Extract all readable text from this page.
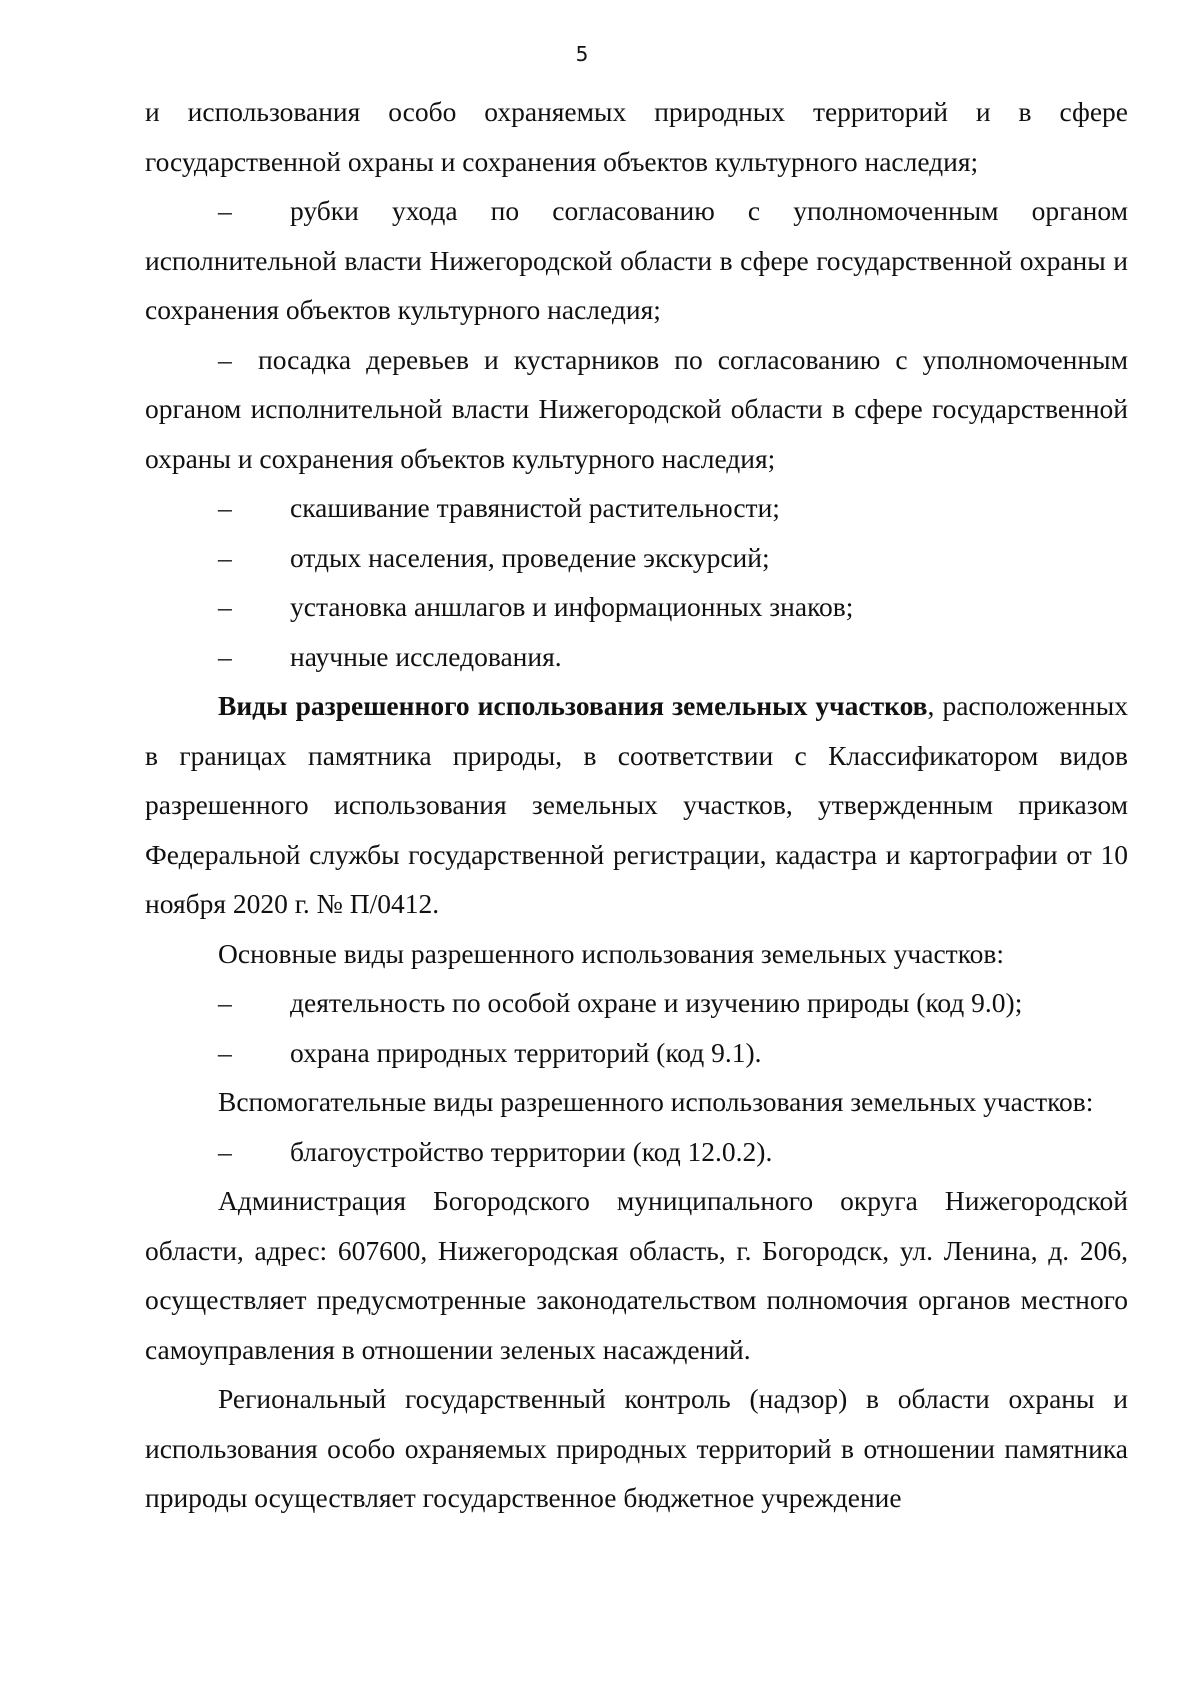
5

и использования особо охраняемых природных территорий и в сфере государственной охраны и сохранения объектов культурного наследия;

– рубки ухода по согласованию с уполномоченным органом исполнительной власти Нижегородской области в сфере государственной охраны и сохранения объектов культурного наследия;

– посадка деревьев и кустарников по согласованию с уполномоченным органом исполнительной власти Нижегородской области в сфере государственной охраны и сохранения объектов культурного наследия;

–	скашивание травянистой растительности;
–	отдых населения, проведение экскурсий;
–	установка аншлагов и информационных знаков;
–	научные исследования.

Виды разрешенного использования земельных участков, расположенных в границах памятника природы, в соответствии с Классификатором видов разрешенного использования земельных участков, утвержденным приказом Федеральной службы государственной регистрации, кадастра и картографии от 10 ноября 2020 г. № П/0412.

Основные виды разрешенного использования земельных участков:

–	деятельность по особой охране и изучению природы (код 9.0);
–	охрана природных территорий (код 9.1).

Вспомогательные виды разрешенного использования земельных участков:

–	благоустройство территории (код 12.0.2).

Администрация Богородского муниципального округа Нижегородской области, адрес: 607600, Нижегородская область, г. Богородск, ул. Ленина, д. 206, осуществляет предусмотренные законодательством полномочия органов местного самоуправления в отношении зеленых насаждений.

Региональный государственный контроль (надзор) в области охраны и использования особо охраняемых природных территорий в отношении памятника природы осуществляет государственное бюджетное учреждение
